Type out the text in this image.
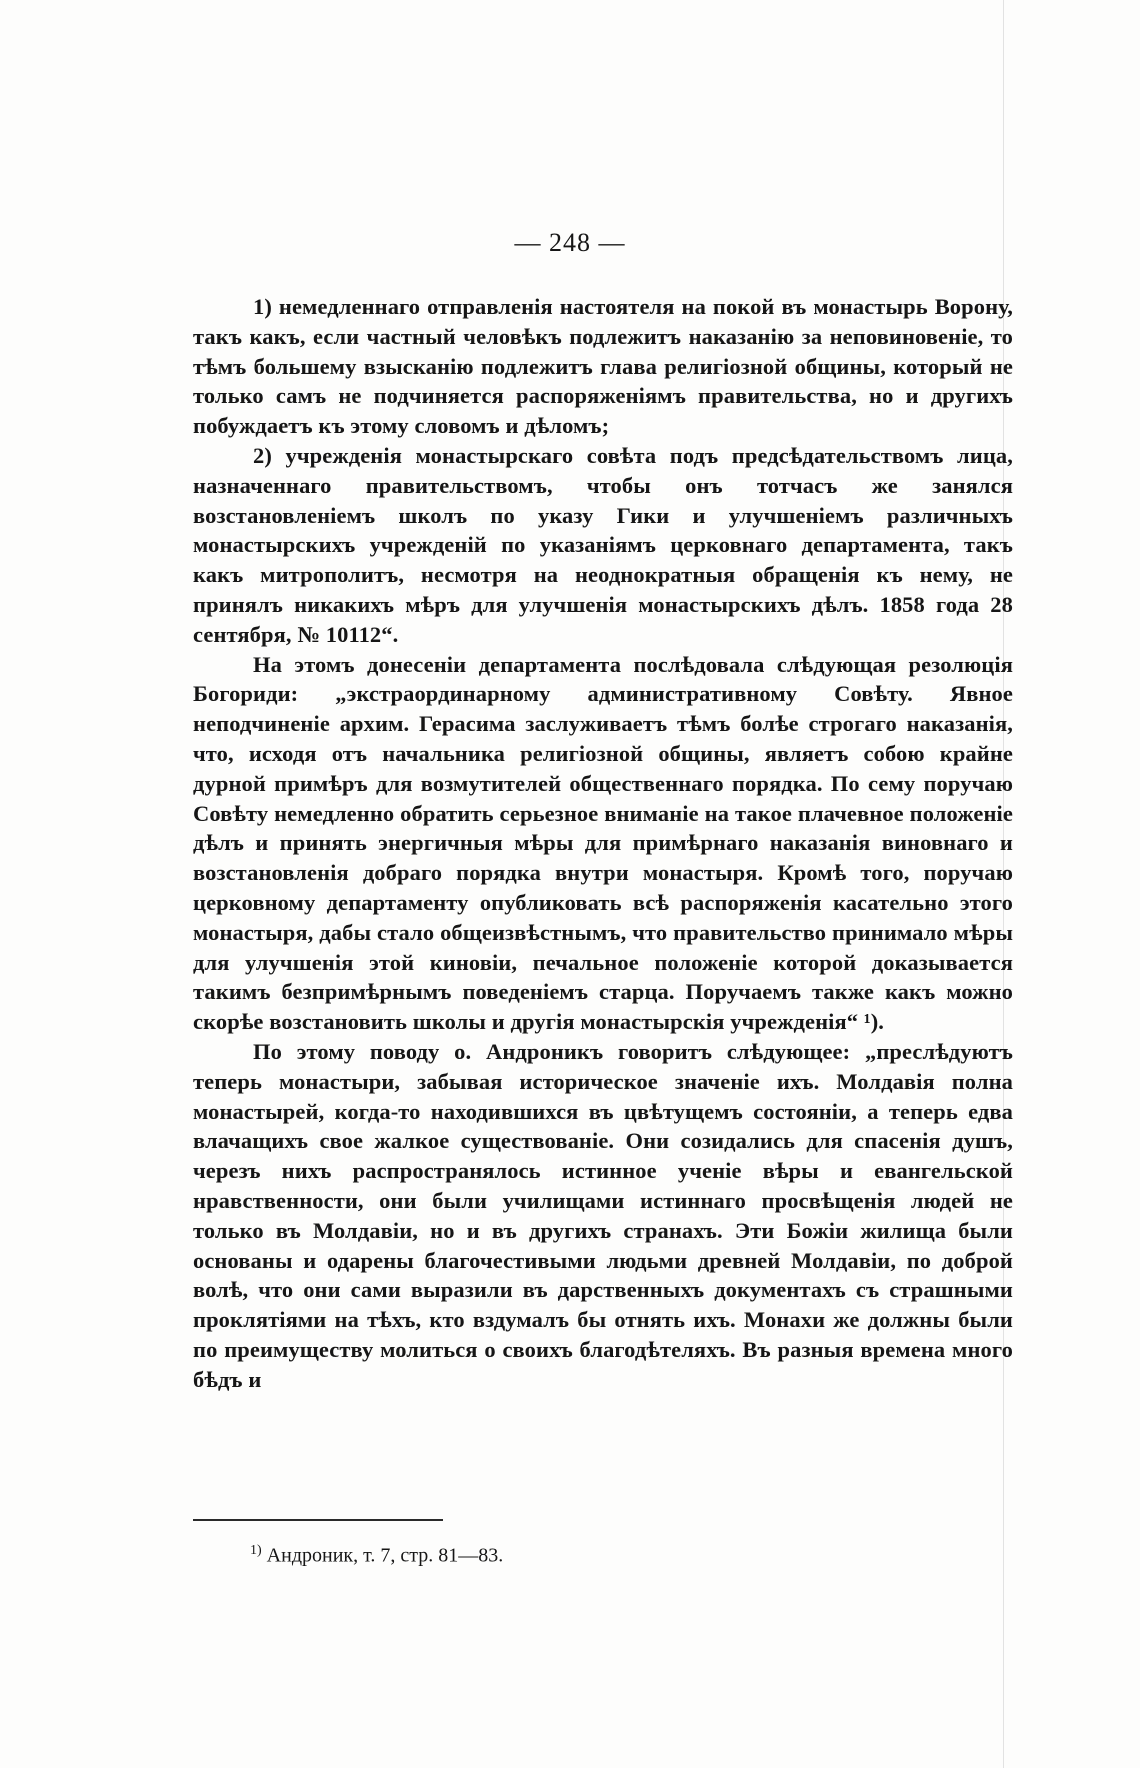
— 248 —

1) немедленнаго отправленія настоятеля на покой въ монастырь Ворону, такъ какъ, если частный человѣкъ подлежитъ наказанію за неповиновеніе, то тѣмъ большему взысканію подлежитъ глава религіозной общины, который не только самъ не подчиняется распоряженіямъ правительства, но и другихъ побуждаетъ къ этому словомъ и дѣломъ;

2) учрежденія монастырскаго совѣта подъ предсѣдательствомъ лица, назначеннаго правительствомъ, чтобы онъ тотчасъ же занялся возстановленіемъ школъ по указу Гики и улучшеніемъ различныхъ монастырскихъ учрежденій по указаніямъ церковнаго департамента, такъ какъ митрополитъ, несмотря на неоднократныя обращенія къ нему, не принялъ никакихъ мѣръ для улучшенія монастырскихъ дѣлъ. 1858 года 28 сентября, № 10112“.

На этомъ донесеніи департамента послѣдовала слѣдующая резолюція Богориди: „экстраординарному административному Совѣту. Явное неподчиненіе архим. Герасима заслуживаетъ тѣмъ болѣе строгаго наказанія, что, исходя отъ начальника религіозной общины, являетъ собою крайне дурной примѣръ для возмутителей общественнаго порядка. По сему поручаю Совѣту немедленно обратить серьезное вниманіе на такое плачевное положеніе дѣлъ и принять энергичныя мѣры для примѣрнаго наказанія виновнаго и возстановленія добраго порядка внутри монастыря. Кромѣ того, поручаю церковному департаменту опубликовать всѣ распоряженія касательно этого монастыря, дабы стало общеизвѣстнымъ, что правительство принимало мѣры для улучшенія этой киновіи, печальное положеніе которой доказывается такимъ безпримѣрнымъ поведеніемъ старца. Поручаемъ также какъ можно скорѣе возстановить школы и другія монастырскія учрежденія“ ¹).

По этому поводу о. Андроникъ говоритъ слѣдующее: „преслѣдуютъ теперь монастыри, забывая историческое значеніе ихъ. Молдавія полна монастырей, когда-то находившихся въ цвѣтущемъ состояніи, а теперь едва влачащихъ свое жалкое существованіе. Они созидались для спасенія душъ, черезъ нихъ распространялось истинное ученіе вѣры и евангельской нравственности, они были училищами истиннаго просвѣщенія людей не только въ Молдавіи, но и въ другихъ странахъ. Эти Божіи жилища были основаны и одарены благочестивыми людьми древней Молдавіи, по доброй волѣ, что они сами выразили въ дарственныхъ документахъ съ страшными проклятіями на тѣхъ, кто вздумалъ бы отнять ихъ. Монахи же должны были по преимуществу молиться о своихъ благодѣтеляхъ. Въ разныя времена много бѣдъ и

$^{1)}$ Андроник, т. 7, стр. 81—83.
